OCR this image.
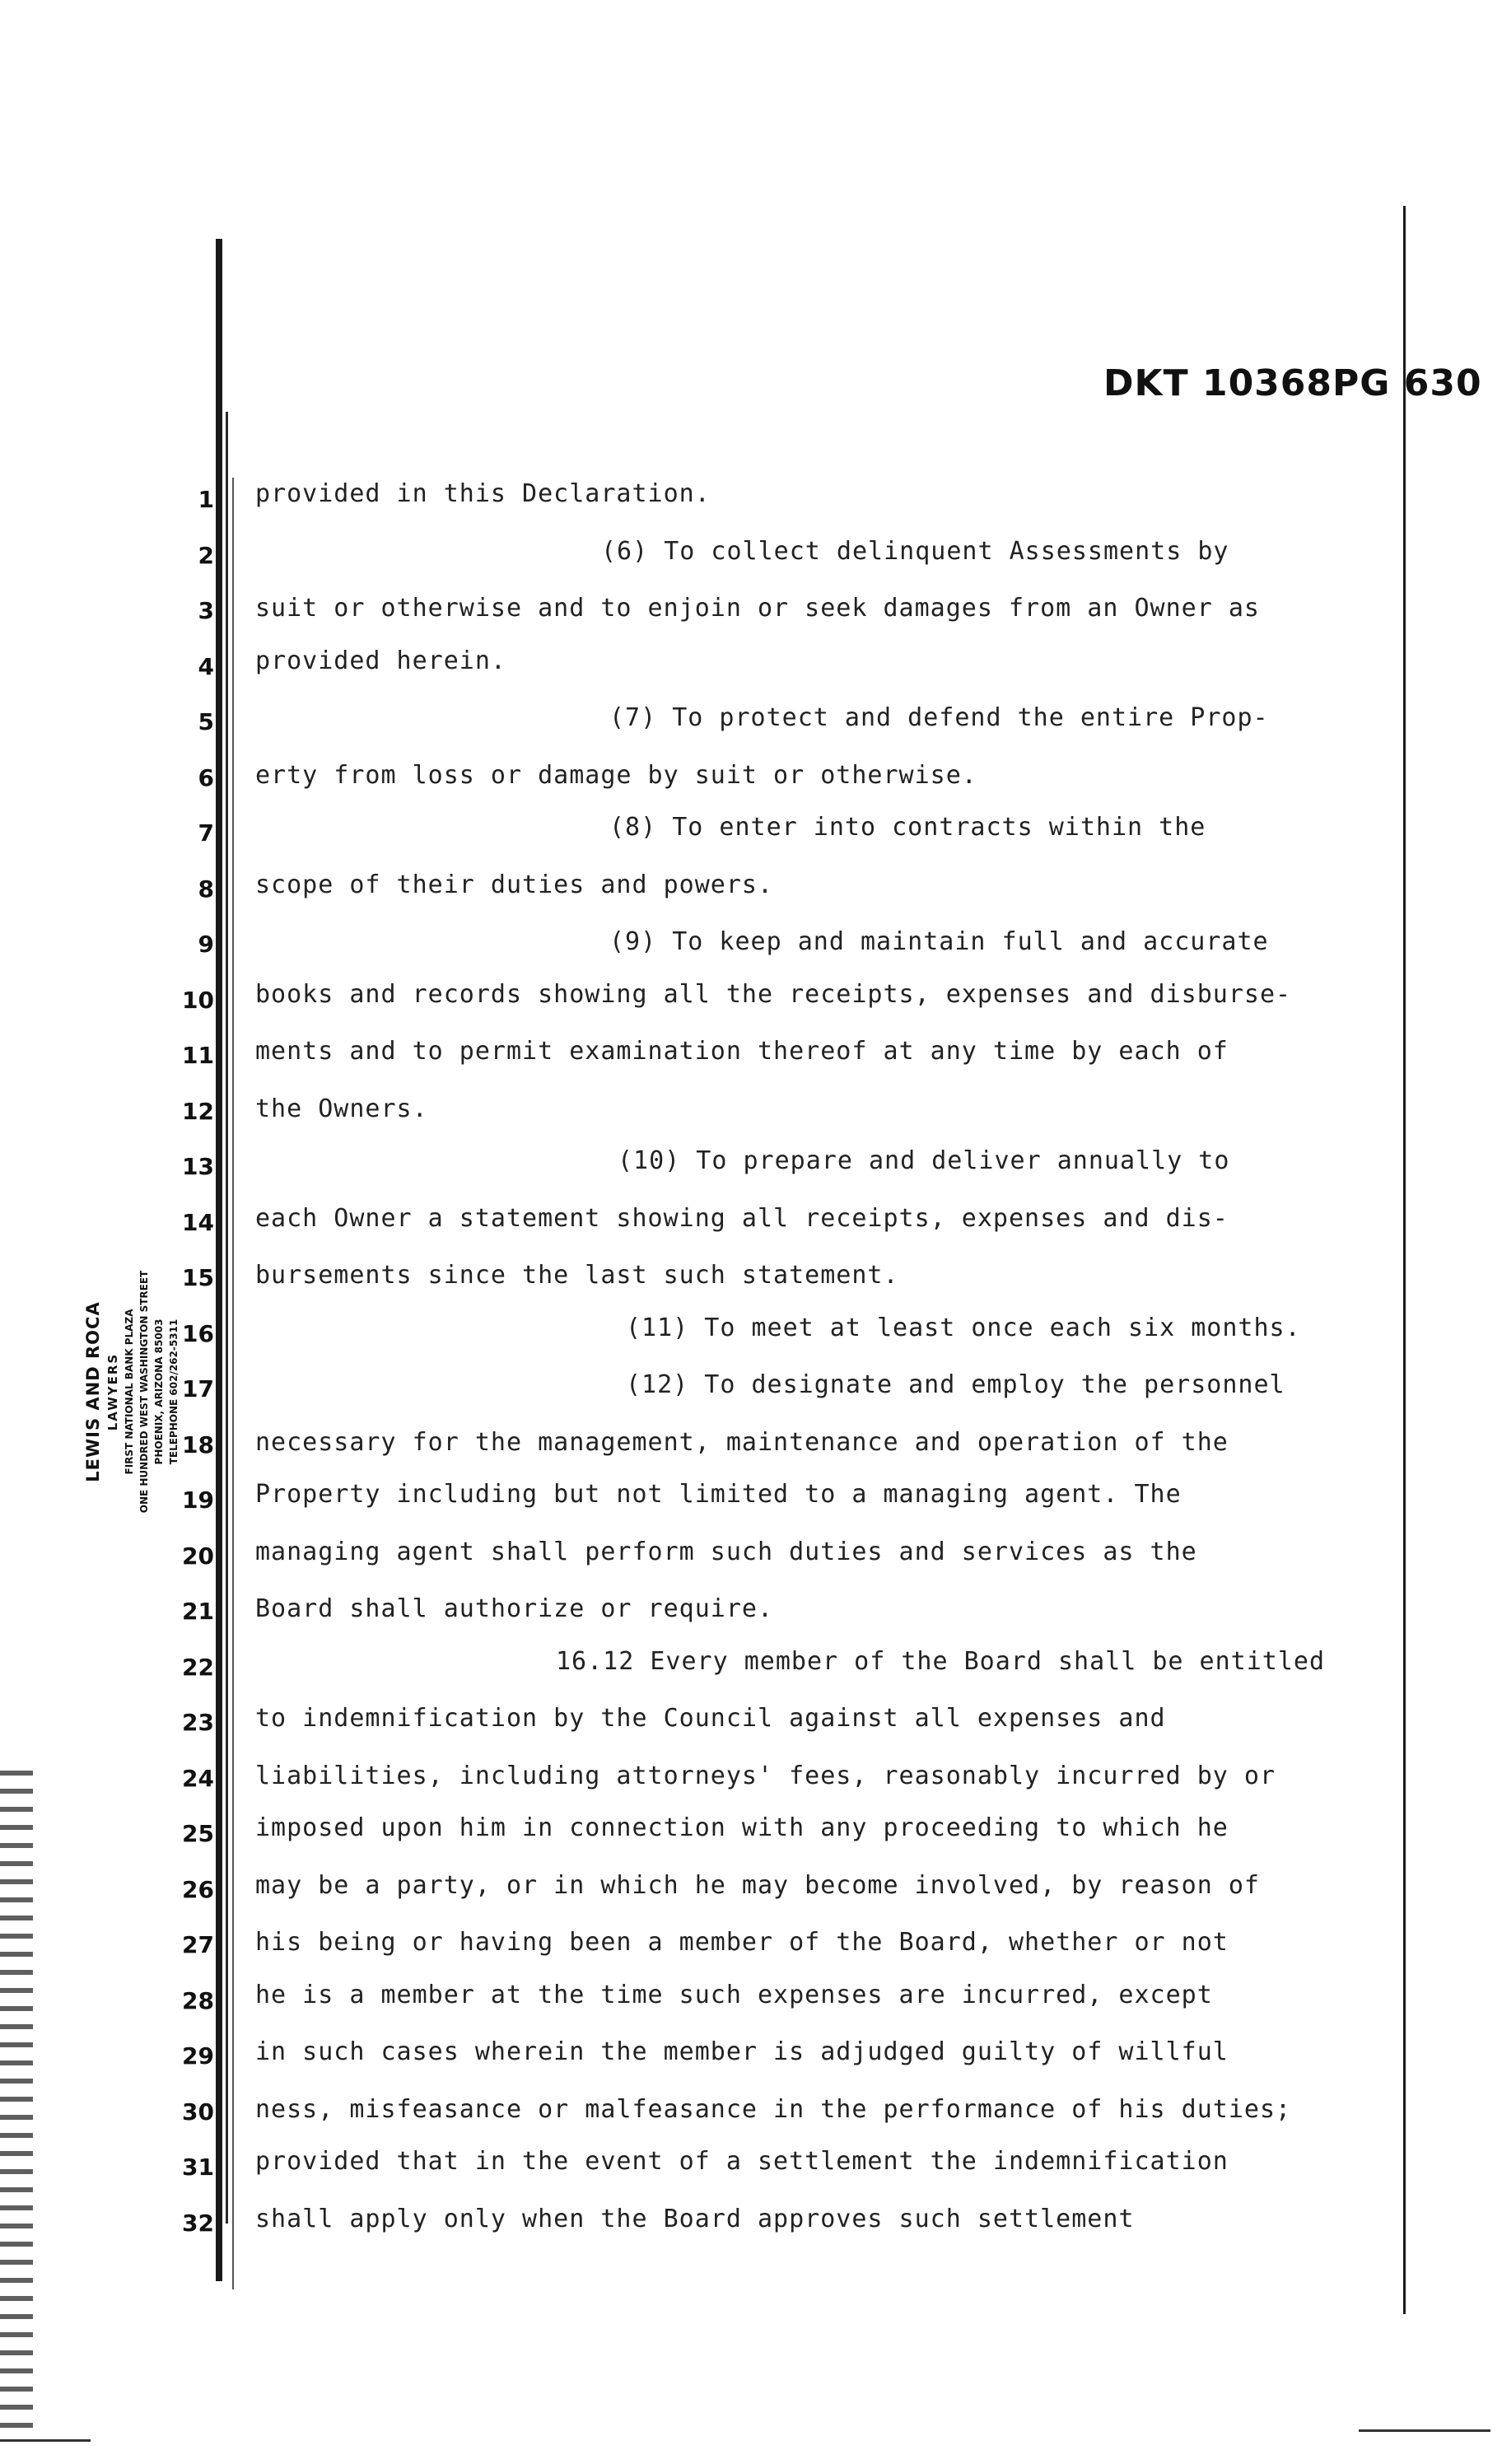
DKT 10368PG 630
LEWIS AND ROCA LAWYERS FIRST NATIONAL BANK PLAZA ONE HUNDRED WEST WASHINGTON STREET PHOENIX, ARIZONA 85003 TELEPHONE 602/262-5311
1
2
3
4
5
6
7
8
9
10
11
12
13
14
15
16
17
18
19
20
21
22
23
24
25
26
27
28
29
30
31
32
provided in this Declaration.
(6) To collect delinquent Assessments by
suit or otherwise and to enjoin or seek damages from an Owner as
provided herein.
(7) To protect and defend the entire Prop-
erty from loss or damage by suit or otherwise.
(8) To enter into contracts within the
scope of their duties and powers.
(9) To keep and maintain full and accurate
books and records showing all the receipts, expenses and disburse-
ments and to permit examination thereof at any time by each of
the Owners.
(10) To prepare and deliver annually to
each Owner a statement showing all receipts, expenses and dis-
bursements since the last such statement.
(11) To meet at least once each six months.
(12) To designate and employ the personnel
necessary for the management, maintenance and operation of the
Property including but not limited to a managing agent. The
managing agent shall perform such duties and services as the
Board shall authorize or require.
16.12 Every member of the Board shall be entitled
to indemnification by the Council against all expenses and
liabilities, including attorneys' fees, reasonably incurred by or
imposed upon him in connection with any proceeding to which he
may be a party, or in which he may become involved, by reason of
his being or having been a member of the Board, whether or not
he is a member at the time such expenses are incurred, except
in such cases wherein the member is adjudged guilty of willful
ness, misfeasance or malfeasance in the performance of his duties;
provided that in the event of a settlement the indemnification
shall apply only when the Board approves such settlement
